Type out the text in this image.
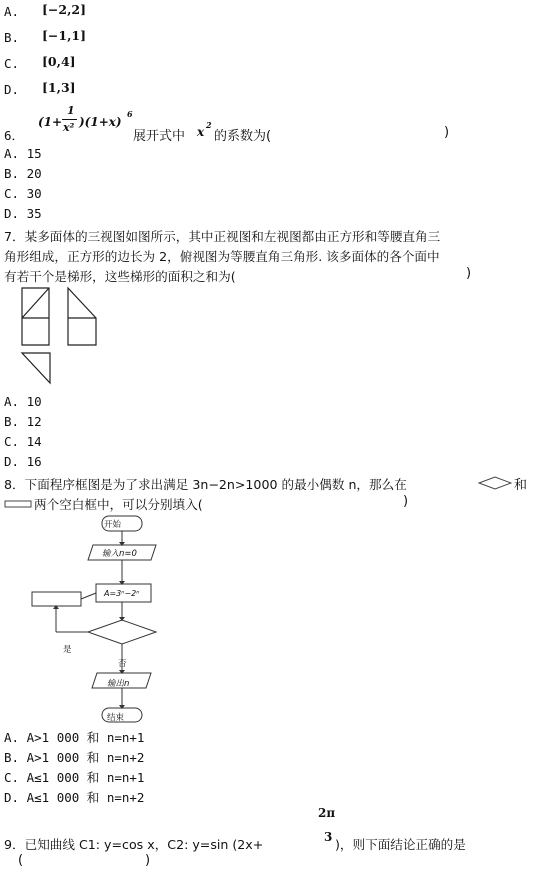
A. [−2,2]
B. [−1,1]
C. [0,4]
D. [1,3]
6．
(1+
1
x² )(1+x)
6
展开式中 x 2
的系数为(	)
A. 15
B. 20
C. 30
D. 35
7．某多面体的三视图如图所示，其中正视图和左视图都由正方形和等腰直角三
角形组成，正方形的边长为 2，俯视图为等腰直角三角形. 该多面体的各个面中
有若干个是梯形，这些梯形的面积之和为(	)
A. 10
B. 12
C. 14
D. 16
8．下面程序框图是为了求出满足 3n−2n>1000 的最小偶数 n，那么在	和
两个空白框中，可以分别填入(	)
开始
输入n=0
A=3ⁿ−2ⁿ
是
否
输出n
结束
A. A>1 000 和 n=n+1
B. A>1 000 和 n=n+2
C. A≤1 000 和 n=n+1
D. A≤1 000 和 n=n+2
2π
3
9．已知曲线 C1: y=cos x，C2: y=sin (2x+	)，则下面结论正确的是
(	)
